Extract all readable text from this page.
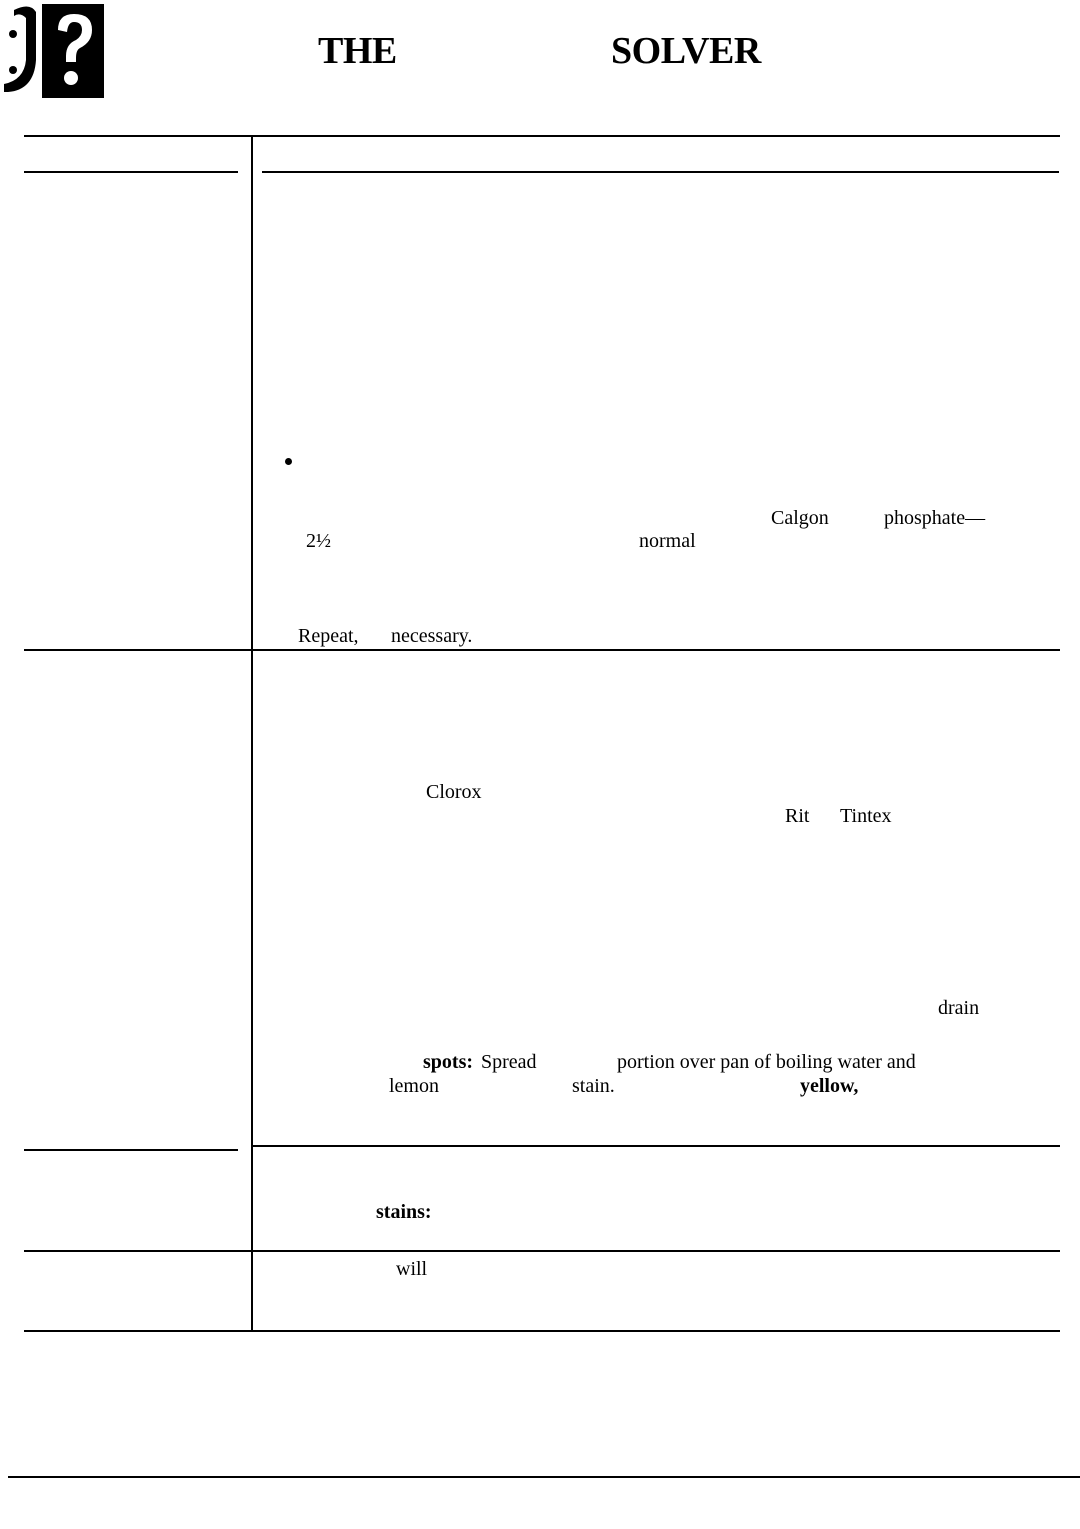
THE	SOLVER
Calgon	phosphate—
2½	normal
Repeat, necessary.
Clorox
Rit Tintex
drain
spots: Spread	portion over pan of boiling water and
lemon	stain.	yellow,
stains:
will
